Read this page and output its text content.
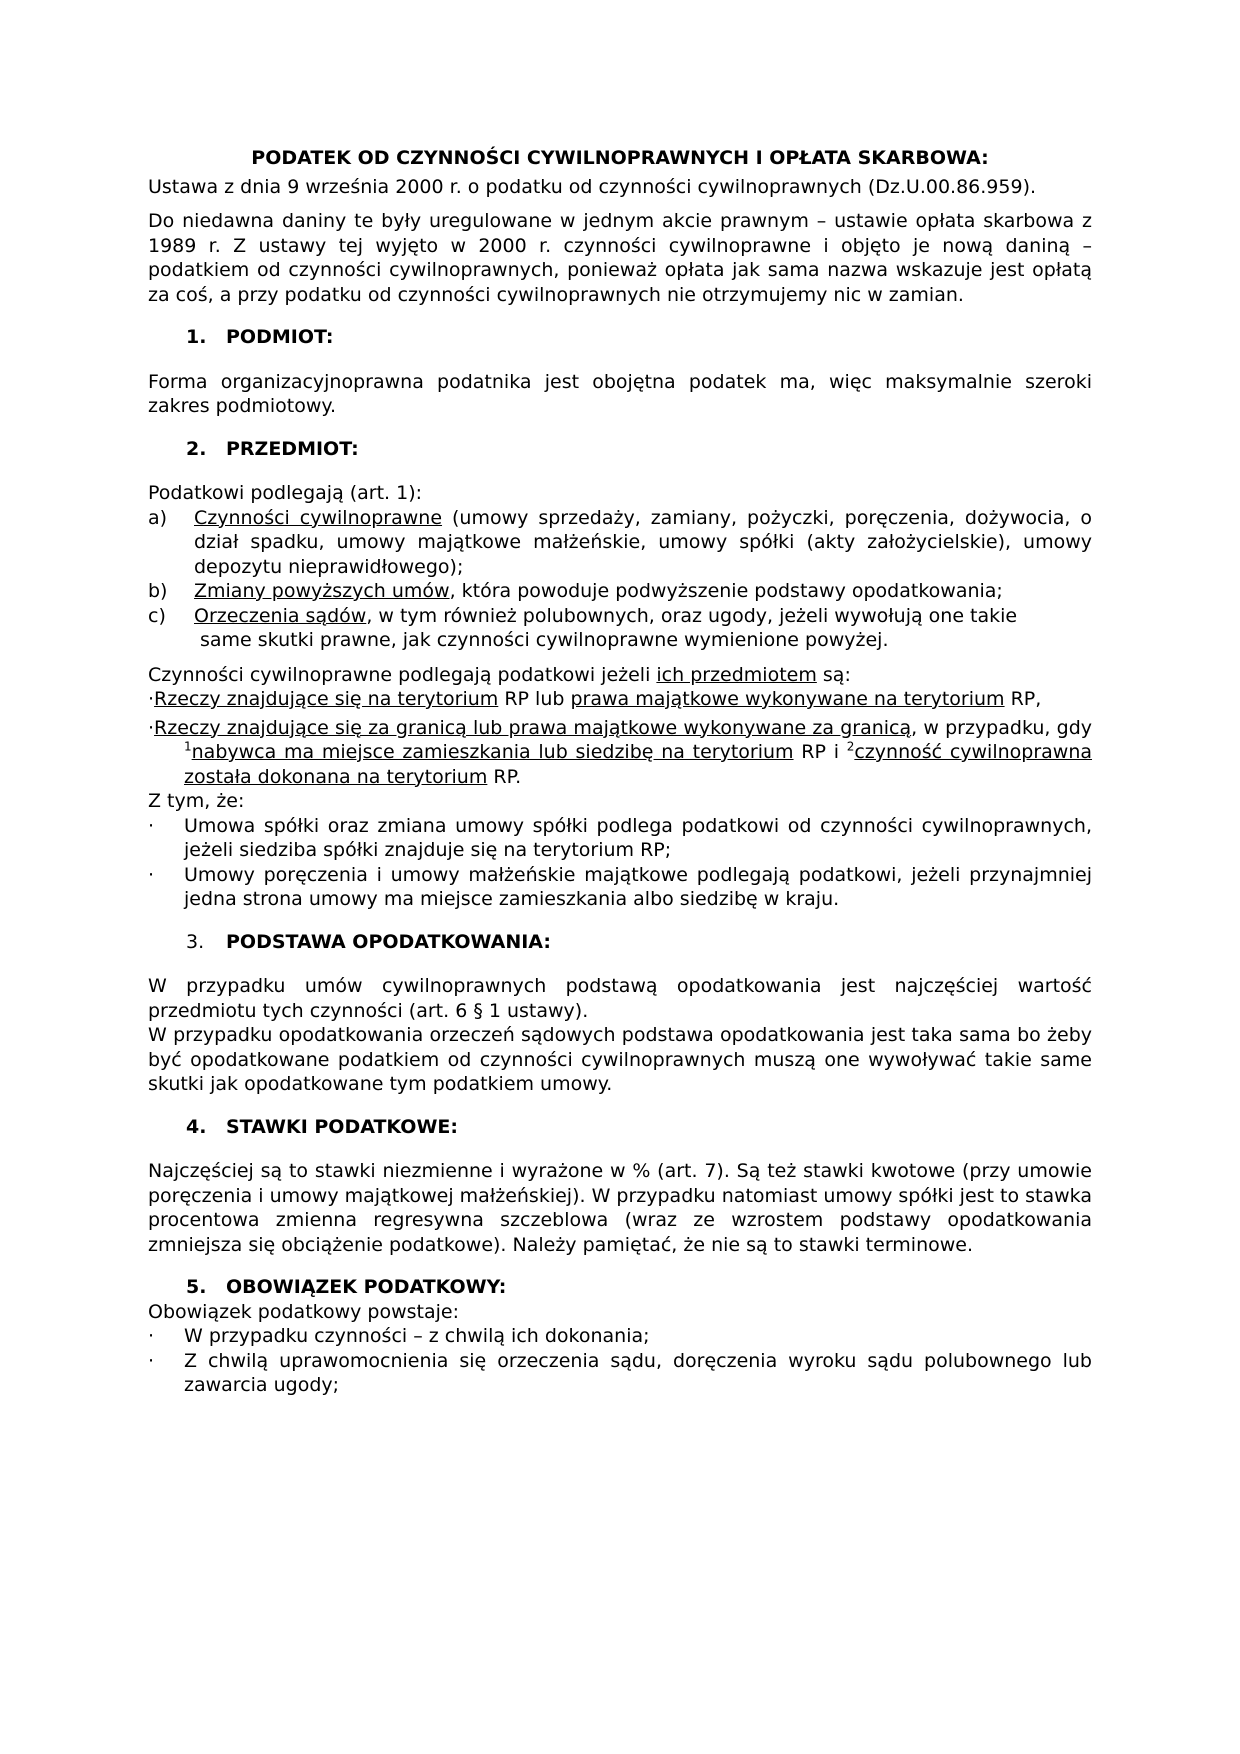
PODATEK OD CZYNNOŚCI CYWILNOPRAWNYCH I OPŁATA SKARBOWA:

Ustawa z dnia 9 września 2000 r. o podatku od czynności cywilnoprawnych (Dz.U.00.86.959).

Do niedawna daniny te były uregulowane w jednym akcie prawnym – ustawie opłata skarbowa z 1989 r. Z ustawy tej wyjęto w 2000 r. czynności cywilnoprawne i objęto je nową daniną – podatkiem od czynności cywilnoprawnych, ponieważ opłata jak sama nazwa wskazuje jest opłatą za coś, a przy podatku od czynności cywilnoprawnych nie otrzymujemy nic w zamian.

1.	PODMIOT:

Forma organizacyjnoprawna podatnika jest obojętna podatek ma, więc maksymalnie szeroki zakres podmiotowy.

2.	PRZEDMIOT:

Podatkowi podlegają (art. 1):

a)	Czynności cywilnoprawne (umowy sprzedaży, zamiany, pożyczki, poręczenia, dożywocia, o dział spadku, umowy majątkowe małżeńskie, umowy spółki (akty założycielskie), umowy depozytu nieprawidłowego);
b)	Zmiany powyższych umów, która powoduje podwyższenie podstawy opodatkowania;
c)	Orzeczenia sądów, w tym również polubownych, oraz ugody, jeżeli wywołują one takie

same skutki prawne, jak czynności cywilnoprawne wymienione powyżej.

Czynności cywilnoprawne podlegają podatkowi jeżeli ich przedmiotem są:

·Rzeczy znajdujące się na terytorium RP lub prawa majątkowe wykonywane na terytorium RP,

·Rzeczy znajdujące się za granicą lub prawa majątkowe wykonywane za granicą, w przypadku, gdy $^1$nabywca ma miejsce zamieszkania lub siedzibę na terytorium RP i $^2$czynność cywilnoprawna została dokonana na terytorium RP.

Z tym, że:

·	Umowa spółki oraz zmiana umowy spółki podlega podatkowi od czynności cywilnoprawnych, jeżeli siedziba spółki znajduje się na terytorium RP;
·	Umowy poręczenia i umowy małżeńskie majątkowe podlegają podatkowi, jeżeli przynajmniej jedna strona umowy ma miejsce zamieszkania albo siedzibę w kraju.
3.	PODSTAWA OPODATKOWANIA:

W przypadku umów cywilnoprawnych podstawą opodatkowania jest najczęściej wartość przedmiotu tych czynności (art. 6 § 1 ustawy).

W przypadku opodatkowania orzeczeń sądowych podstawa opodatkowania jest taka sama bo żeby być opodatkowane podatkiem od czynności cywilnoprawnych muszą one wywoływać takie same skutki jak opodatkowane tym podatkiem umowy.

4.	STAWKI PODATKOWE:

Najczęściej są to stawki niezmienne i wyrażone w % (art. 7). Są też stawki kwotowe (przy umowie poręczenia i umowy majątkowej małżeńskiej). W przypadku natomiast umowy spółki jest to stawka procentowa zmienna regresywna szczeblowa (wraz ze wzrostem podstawy opodatkowania zmniejsza się obciążenie podatkowe). Należy pamiętać, że nie są to stawki terminowe.

5.	OBOWIĄZEK PODATKOWY:

Obowiązek podatkowy powstaje:

·	W przypadku czynności – z chwilą ich dokonania;
·	Z chwilą uprawomocnienia się orzeczenia sądu, doręczenia wyroku sądu polubownego lub zawarcia ugody;
